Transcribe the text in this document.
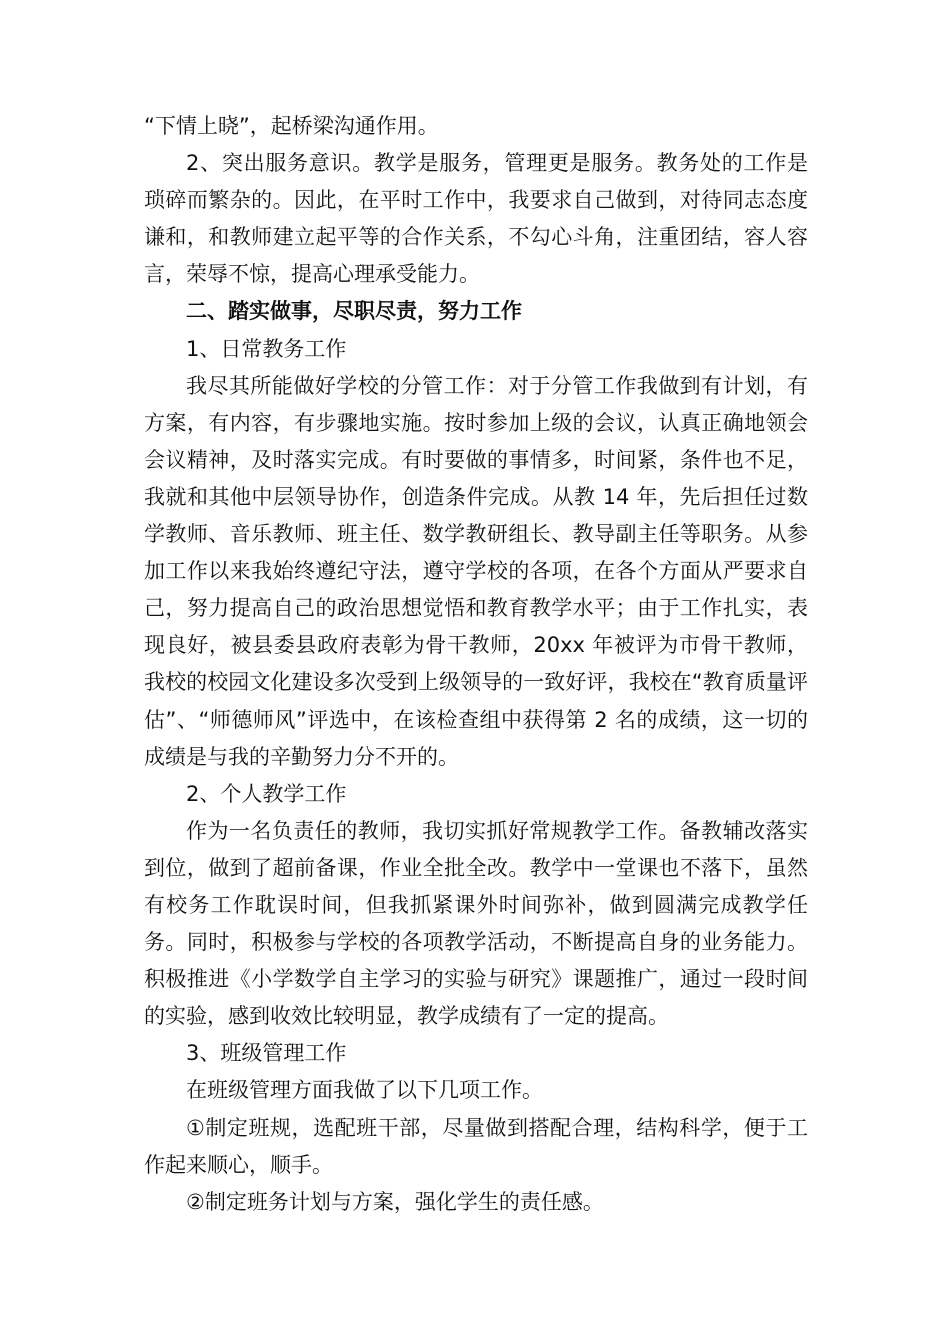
“下情上晓”，起桥梁沟通作用。

2、突出服务意识。教学是服务，管理更是服务。教务处的工作是琐碎而繁杂的。因此，在平时工作中，我要求自己做到，对待同志态度谦和，和教师建立起平等的合作关系，不勾心斗角，注重团结，容人容言，荣辱不惊，提高心理承受能力。

二、踏实做事，尽职尽责，努力工作

1、日常教务工作

我尽其所能做好学校的分管工作：对于分管工作我做到有计划，有方案，有内容，有步骤地实施。按时参加上级的会议，认真正确地领会会议精神，及时落实完成。有时要做的事情多，时间紧，条件也不足，我就和其他中层领导协作，创造条件完成。从教 14 年，先后担任过数学教师、音乐教师、班主任、数学教研组长、教导副主任等职务。从参加工作以来我始终遵纪守法，遵守学校的各项，在各个方面从严要求自己，努力提高自己的政治思想觉悟和教育教学水平；由于工作扎实，表现良好，被县委县政府表彰为骨干教师，20xx 年被评为市骨干教师，我校的校园文化建设多次受到上级领导的一致好评，我校在“教育质量评估”、“师德师风”评选中，在该检查组中获得第 2 名的成绩，这一切的成绩是与我的辛勤努力分不开的。

2、个人教学工作

作为一名负责任的教师，我切实抓好常规教学工作。备教辅改落实到位，做到了超前备课，作业全批全改。教学中一堂课也不落下，虽然有校务工作耽误时间，但我抓紧课外时间弥补，做到圆满完成教学任务。同时，积极参与学校的各项教学活动，不断提高自身的业务能力。积极推进《小学数学自主学习的实验与研究》课题推广，通过一段时间的实验，感到收效比较明显，教学成绩有了一定的提高。

3、班级管理工作

在班级管理方面我做了以下几项工作。

①制定班规，选配班干部，尽量做到搭配合理，结构科学，便于工作起来顺心，顺手。

②制定班务计划与方案，强化学生的责任感。
